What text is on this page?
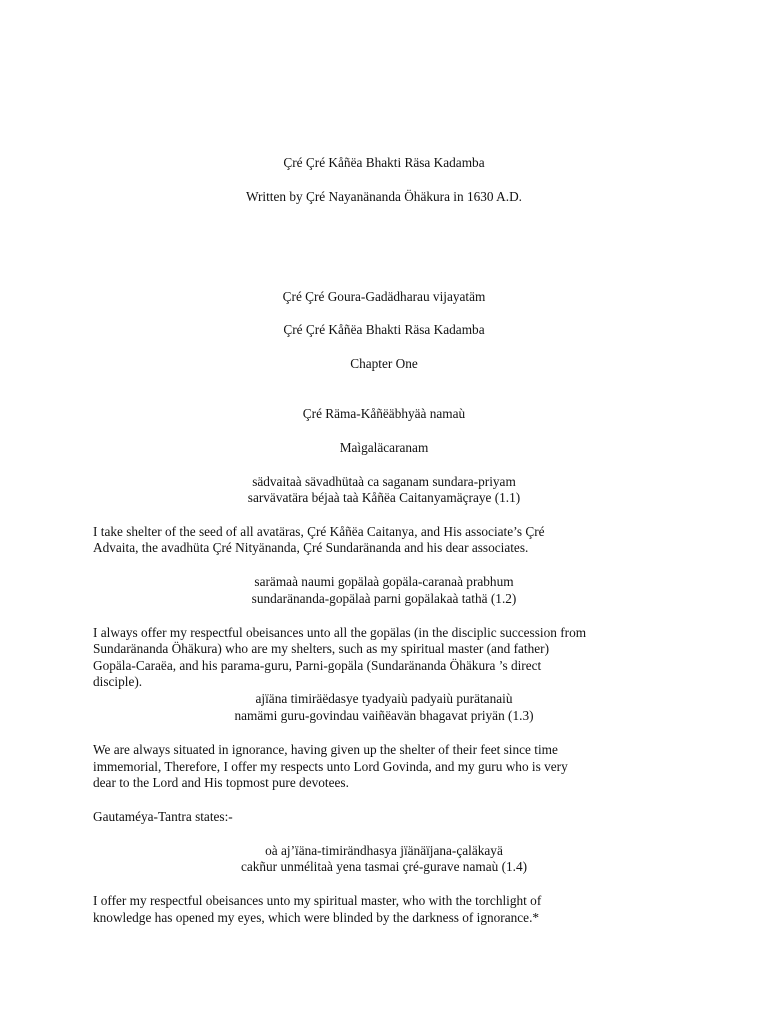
Çré Çré Kåñëa Bhakti Räsa Kadamba
Written by Çré Nayanänanda Öhäkura in 1630 A.D.
Çré Çré Goura-Gadädharau vijayatäm
Çré Çré Kåñëa Bhakti Räsa Kadamba
Chapter One
Çré Räma-Kåñëäbhyäà namaù
Maìgaläcaranam
sädvaitaà sävadhütaà ca saganam sundara-priyam
sarvävatära béjaà taà Kåñëa Caitanyamäçraye (1.1)
I take shelter of the seed of all avatäras, Çré Kåñëa Caitanya, and His associate’s Çré
Advaita, the avadhüta Çré Nityänanda, Çré Sundaränanda and his dear associates.
sarämaà naumi gopälaà gopäla-caranaà prabhum
sundaränanda-gopälaà parni gopälakaà tathä (1.2)
I always offer my respectful obeisances unto all the gopälas (in the disciplic succession from
Sundaränanda Öhäkura) who are my shelters, such as my spiritual master (and father)
Gopäla-Caraëa, and his parama-guru, Parni-gopäla (Sundaränanda Öhäkura ’s direct
disciple).
ajïäna timiräëdasye tyadyaiù padyaiù purätanaiù
namämi guru-govindau vaiñëavän bhagavat priyän (1.3)
We are always situated in ignorance, having given up the shelter of their feet since time
immemorial, Therefore, I offer my respects unto Lord Govinda, and my guru who is very
dear to the Lord and His topmost pure devotees.
Gautaméya-Tantra states:-
oà aj’ïäna-timirändhasya jïänäïjana-çaläkayä
cakñur unmélitaà yena tasmai çré-gurave namaù (1.4)
I offer my respectful obeisances unto my spiritual master, who with the torchlight of
knowledge has opened my eyes, which were blinded by the darkness of ignorance.*
